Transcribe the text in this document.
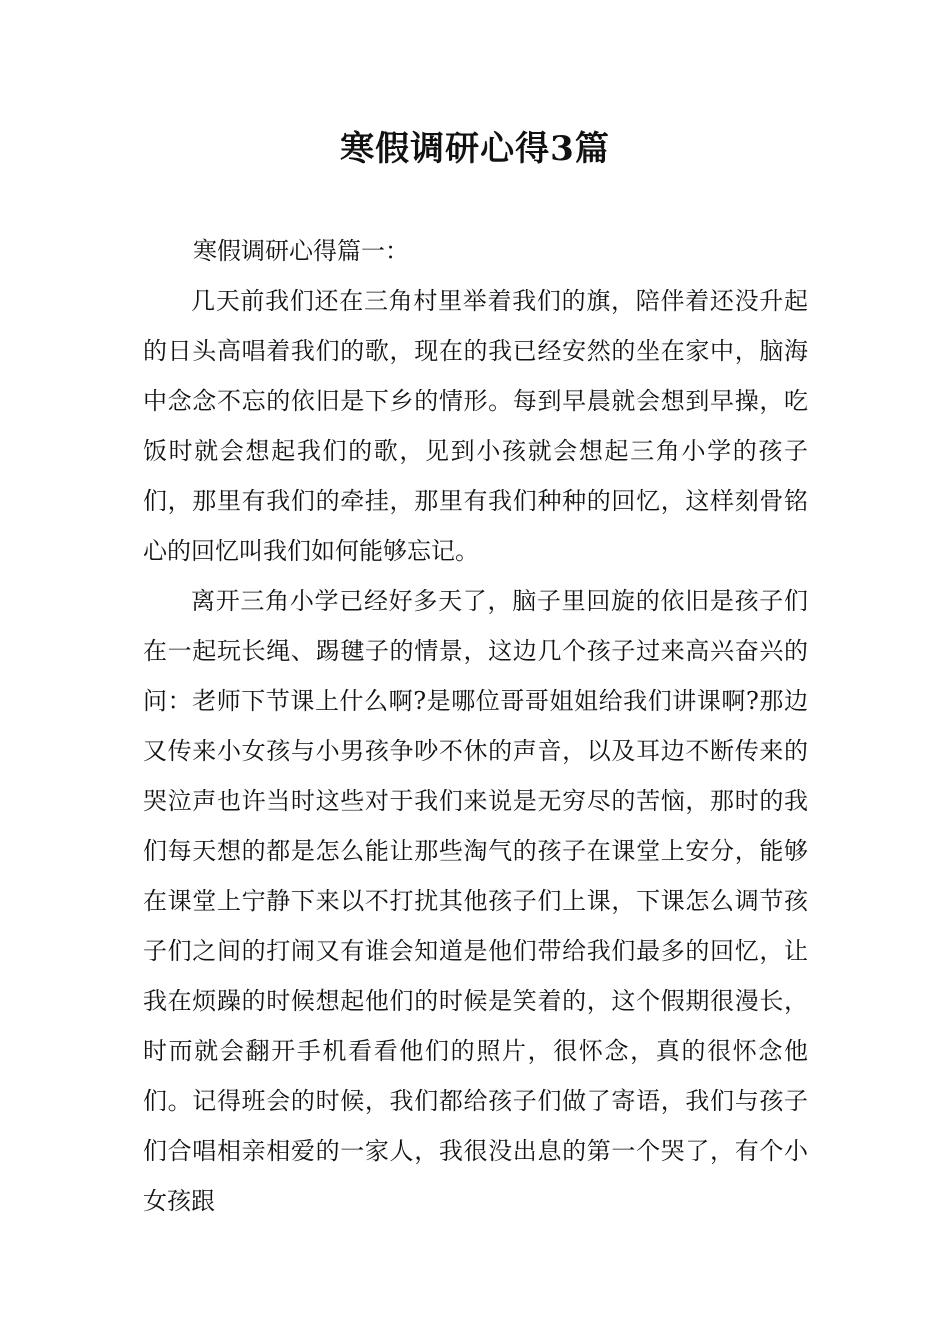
寒假调研心得3篇
寒假调研心得篇一：

几天前我们还在三角村里举着我们的旗，陪伴着还没升起的日头高唱着我们的歌，现在的我已经安然的坐在家中，脑海中念念不忘的依旧是下乡的情形。每到早晨就会想到早操，吃饭时就会想起我们的歌，见到小孩就会想起三角小学的孩子们，那里有我们的牵挂，那里有我们种种的回忆，这样刻骨铭心的回忆叫我们如何能够忘记。

离开三角小学已经好多天了，脑子里回旋的依旧是孩子们在一起玩长绳、踢毽子的情景，这边几个孩子过来高兴奋兴的问：老师下节课上什么啊?是哪位哥哥姐姐给我们讲课啊?那边又传来小女孩与小男孩争吵不休的声音，以及耳边不断传来的哭泣声也许当时这些对于我们来说是无穷尽的苦恼，那时的我们每天想的都是怎么能让那些淘气的孩子在课堂上安分，能够在课堂上宁静下来以不打扰其他孩子们上课，下课怎么调节孩子们之间的打闹又有谁会知道是他们带给我们最多的回忆，让我在烦躁的时候想起他们的时候是笑着的，这个假期很漫长，时而就会翻开手机看看他们的照片，很怀念，真的很怀念他们。记得班会的时候，我们都给孩子们做了寄语，我们与孩子们合唱相亲相爱的一家人，我很没出息的第一个哭了，有个小女孩跟
